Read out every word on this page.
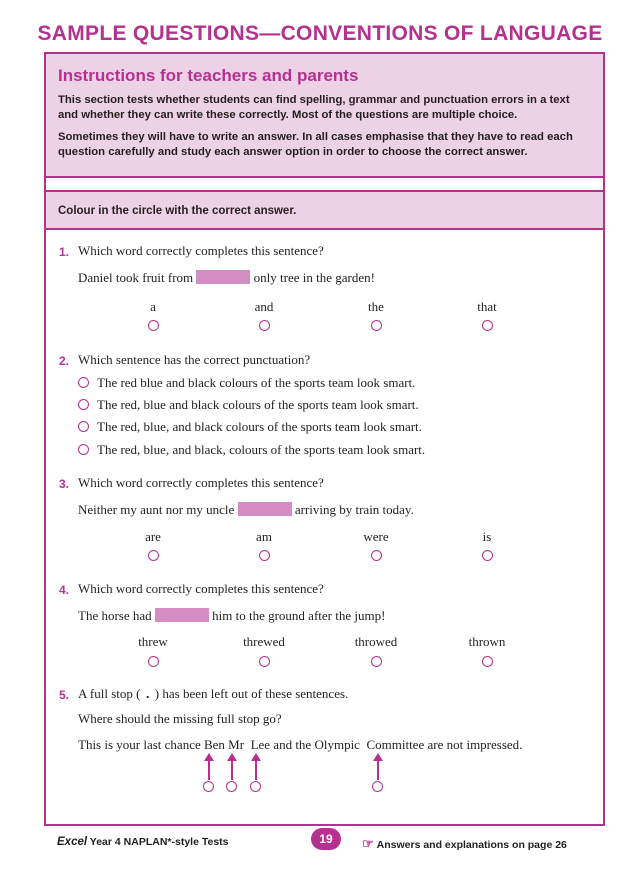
SAMPLE QUESTIONS—CONVENTIONS OF LANGUAGE
Instructions for teachers and parents
This section tests whether students can find spelling, grammar and punctuation errors in a text and whether they can write these correctly. Most of the questions are multiple choice.
Sometimes they will have to write an answer. In all cases emphasise that they have to read each question carefully and study each answer option in order to choose the correct answer.
Colour in the circle with the correct answer.
1. Which word correctly completes this sentence?
Daniel took fruit from	only tree in the garden!
a	and	the	that
2. Which sentence has the correct punctuation?
The red blue and black colours of the sports team look smart.
The red, blue and black colours of the sports team look smart.
The red, blue, and black colours of the sports team look smart.
The red, blue, and black, colours of the sports team look smart.
3. Which word correctly completes this sentence?
Neither my aunt nor my uncle	arriving by train today.
are	am	were	is
4. Which word correctly completes this sentence?
The horse had	him to the ground after the jump!
threw	threwed	throwed	thrown
5. A full stop ( . ) has been left out of these sentences.
Where should the missing full stop go?
This is your last chance Ben Mr  Lee and the Olympic  Committee are not impressed.
Excel Year 4 NAPLAN*-style Tests	19	☞ Answers and explanations on page 26
